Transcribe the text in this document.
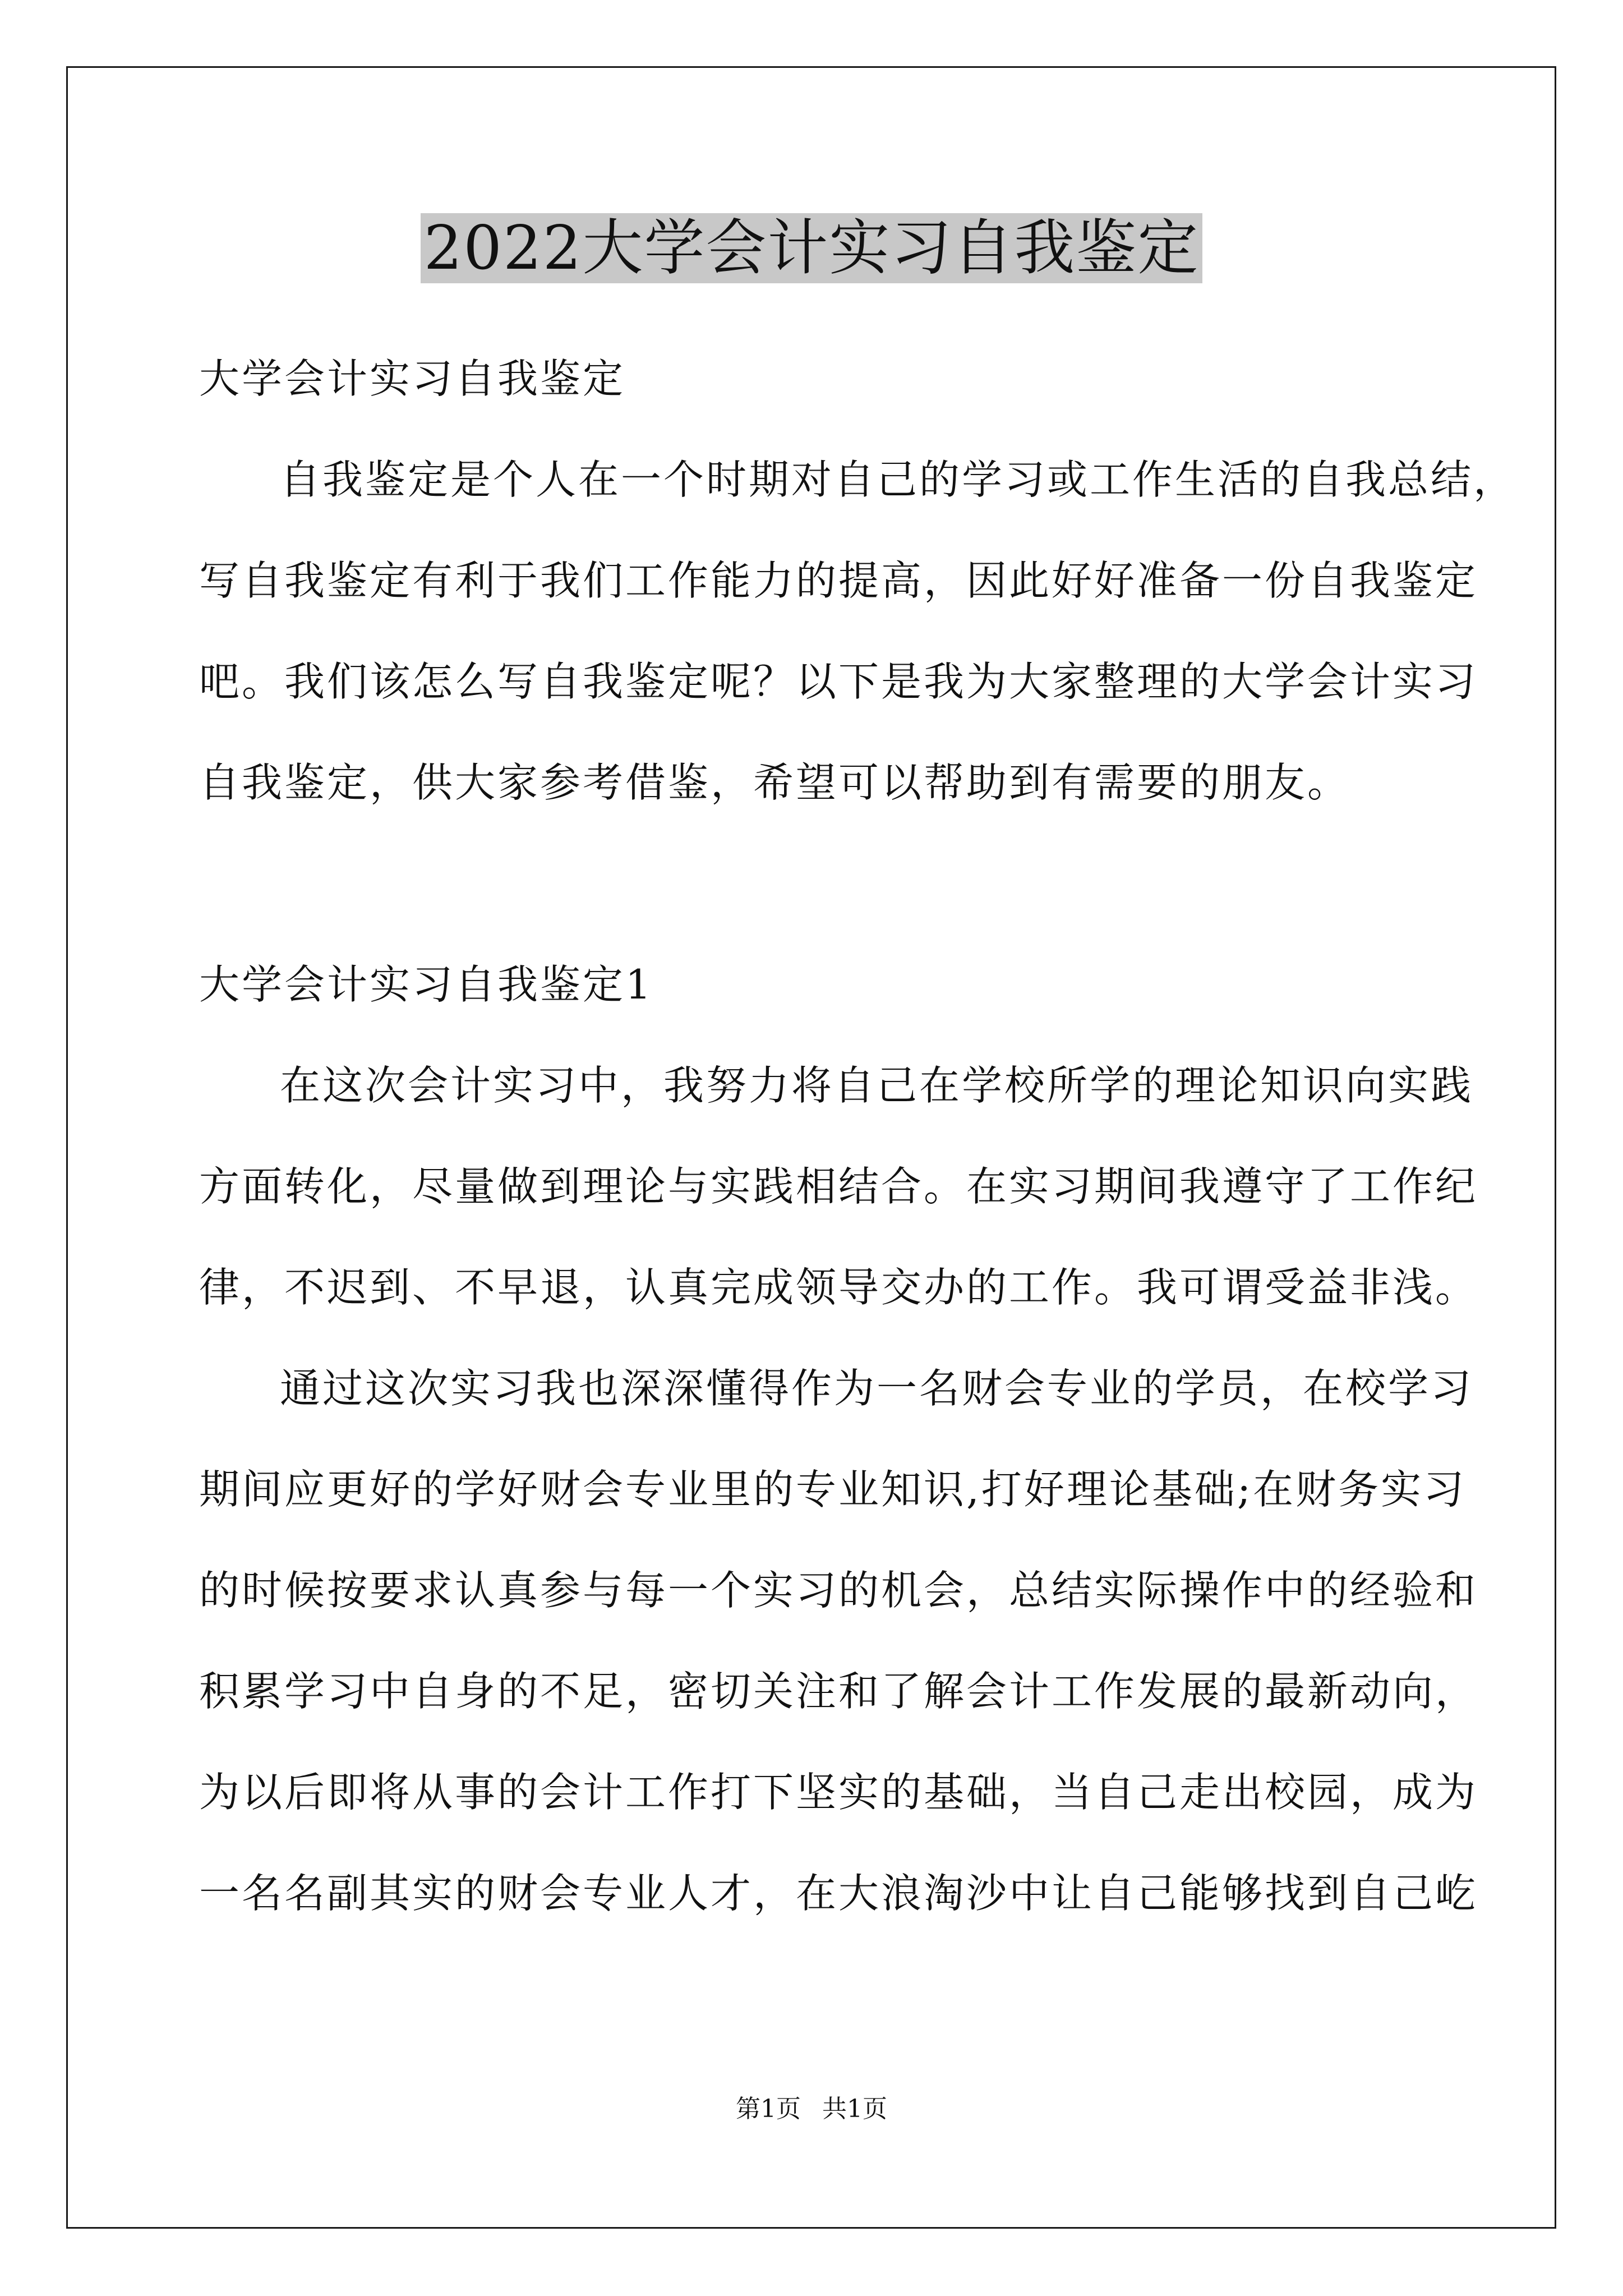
2022大学会计实习自我鉴定
大学会计实习自我鉴定
自我鉴定是个人在一个时期对自己的学习或工作生活的自我总结，
写自我鉴定有利于我们工作能力的提高，因此好好准备一份自我鉴定
吧。我们该怎么写自我鉴定呢？以下是我为大家整理的大学会计实习
自我鉴定，供大家参考借鉴，希望可以帮助到有需要的朋友。
大学会计实习自我鉴定1
在这次会计实习中，我努力将自己在学校所学的理论知识向实践
方面转化，尽量做到理论与实践相结合。在实习期间我遵守了工作纪
律，不迟到、不早退，认真完成领导交办的工作。我可谓受益非浅。
通过这次实习我也深深懂得作为一名财会专业的学员，在校学习
期间应更好的学好财会专业里的专业知识,打好理论基础;在财务实习
的时候按要求认真参与每一个实习的机会，总结实际操作中的经验和
积累学习中自身的不足，密切关注和了解会计工作发展的最新动向，
为以后即将从事的会计工作打下坚实的基础，当自己走出校园，成为
一名名副其实的财会专业人才，在大浪淘沙中让自己能够找到自己屹
第1页 共1页
